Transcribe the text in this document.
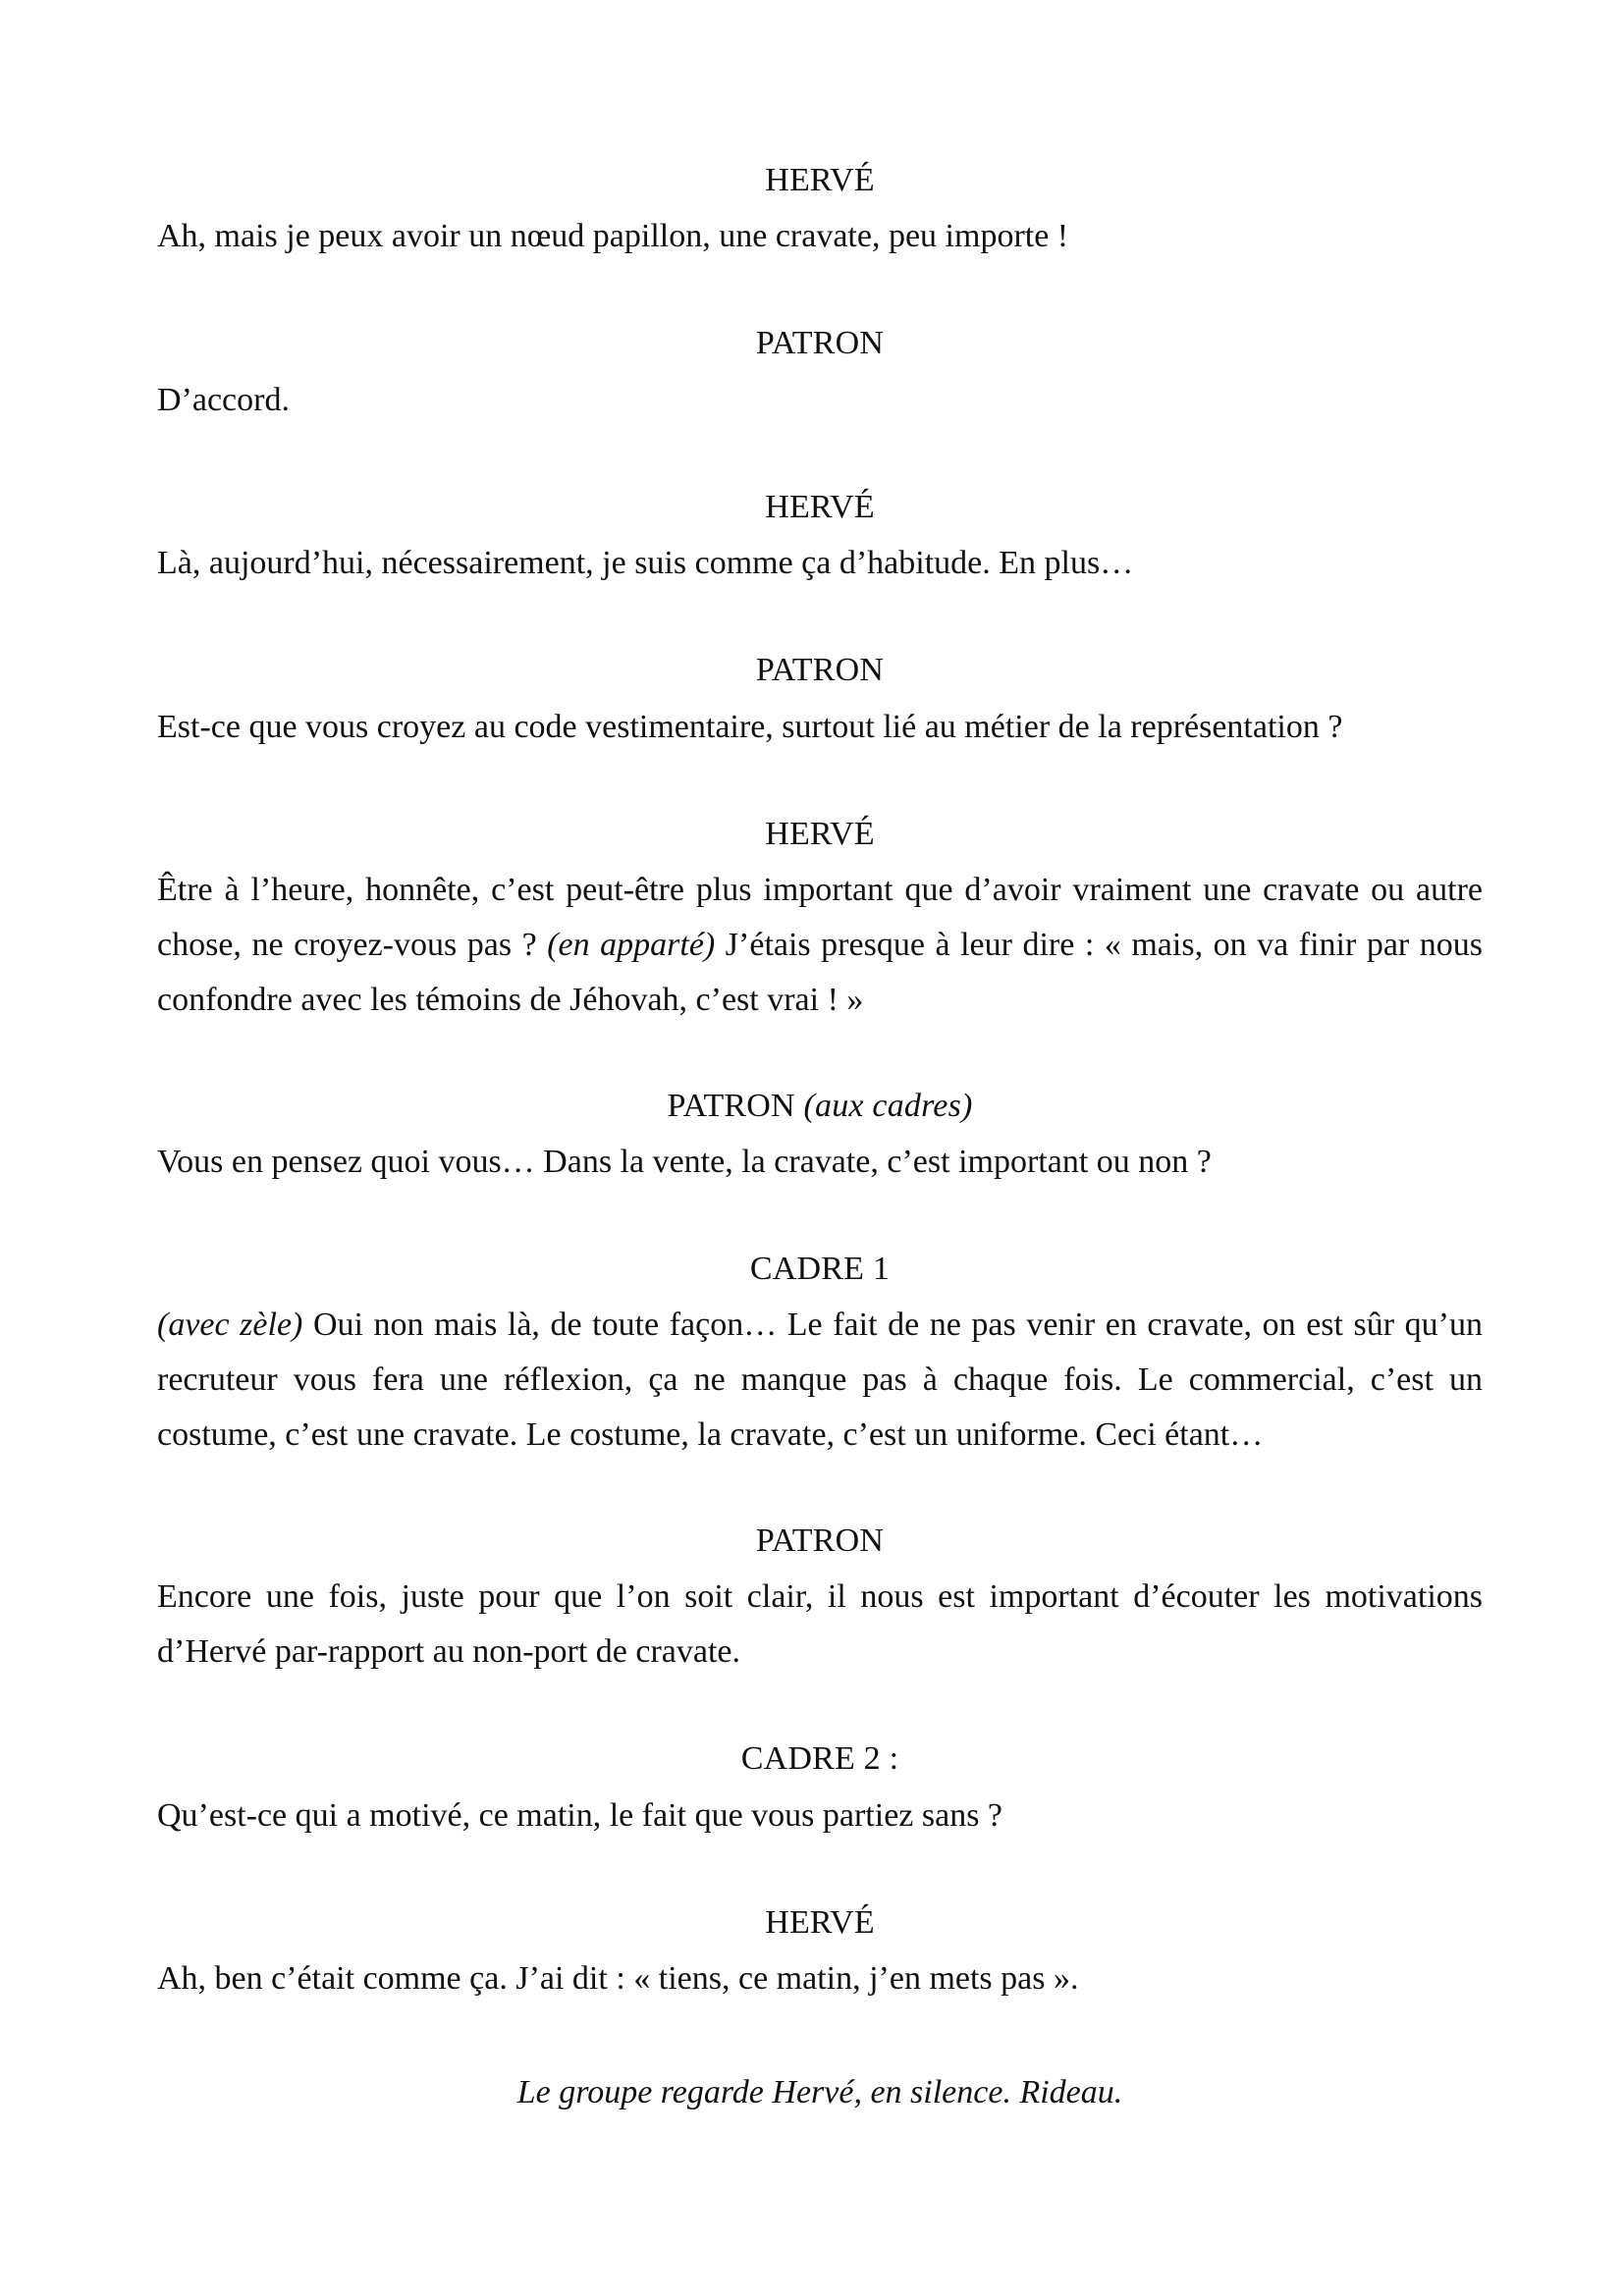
HERVÉ
Ah, mais je peux avoir un nœud papillon, une cravate, peu importe !
PATRON
D’accord.
HERVÉ
Là, aujourd’hui, nécessairement, je suis comme ça d’habitude. En plus…
PATRON
Est-ce que vous croyez au code vestimentaire, surtout lié au métier de la représentation ?
HERVÉ
Être à l’heure, honnête, c’est peut-être plus important que d’avoir vraiment une cravate ou autre chose, ne croyez-vous pas ? (en apparté) J’étais presque à leur dire : « mais, on va finir par nous confondre avec les témoins de Jéhovah, c’est vrai ! »
PATRON (aux cadres)
Vous en pensez quoi vous… Dans la vente, la cravate, c’est important ou non ?
CADRE 1
(avec zèle) Oui non mais là, de toute façon… Le fait de ne pas venir en cravate, on est sûr qu’un recruteur vous fera une réflexion, ça ne manque pas à chaque fois. Le commercial, c’est un costume, c’est une cravate. Le costume, la cravate, c’est un uniforme. Ceci étant…
PATRON
Encore une fois, juste pour que l’on soit clair, il nous est important d’écouter les motivations d’Hervé par-rapport au non-port de cravate.
CADRE 2 :
Qu’est-ce qui a motivé, ce matin, le fait que vous partiez sans ?
HERVÉ
Ah, ben c’était comme ça. J’ai dit : « tiens, ce matin, j’en mets pas ».
Le groupe regarde Hervé, en silence. Rideau.
